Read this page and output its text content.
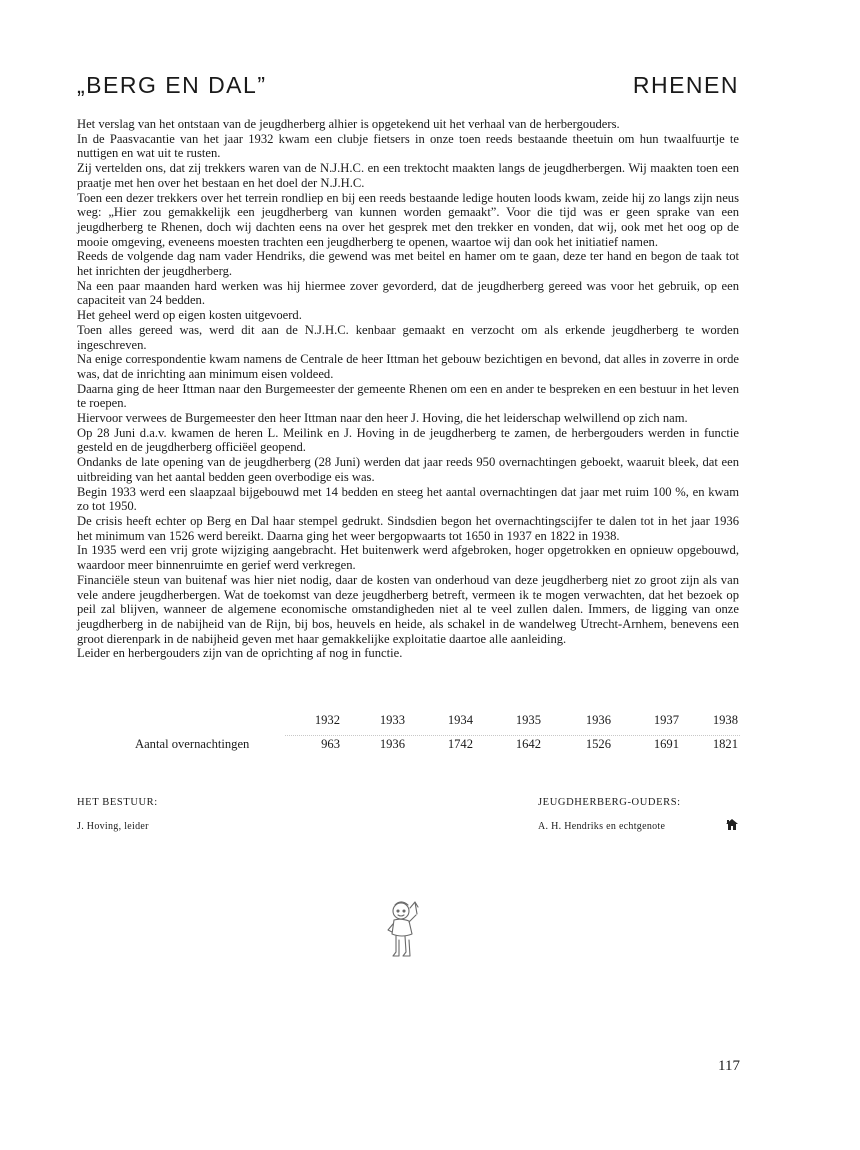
„BERG EN DAL”	RHENEN

Het verslag van het ontstaan van de jeugdherberg alhier is opgetekend uit het verhaal van de herbergouders.

In de Paasvacantie van het jaar 1932 kwam een clubje fietsers in onze toen reeds bestaande theetuin om hun twaalfuurtje te nuttigen en wat uit te rusten.

Zij vertelden ons, dat zij trekkers waren van de N.J.H.C. en een trektocht maakten langs de jeugdherbergen. Wij maakten toen een praatje met hen over het bestaan en het doel der N.J.H.C.

Toen een dezer trekkers over het terrein rondliep en bij een reeds bestaande ledige houten loods kwam, zeide hij zo langs zijn neus weg: „Hier zou gemakkelijk een jeugdherberg van kunnen worden gemaakt”. Voor die tijd was er geen sprake van een jeugdherberg te Rhenen, doch wij dachten eens na over het gesprek met den trekker en vonden, dat wij, ook met het oog op de mooie omgeving, eveneens moesten trachten een jeugdherberg te openen, waartoe wij dan ook het initiatief namen.

Reeds de volgende dag nam vader Hendriks, die gewend was met beitel en hamer om te gaan, deze ter hand en begon de taak tot het inrichten der jeugdherberg.

Na een paar maanden hard werken was hij hiermee zover gevorderd, dat de jeugdherberg gereed was voor het gebruik, op een capaciteit van 24 bedden.

Het geheel werd op eigen kosten uitgevoerd.

Toen alles gereed was, werd dit aan de N.J.H.C. kenbaar gemaakt en verzocht om als erkende jeugdherberg te worden ingeschreven.

Na enige correspondentie kwam namens de Centrale de heer Ittman het gebouw bezichtigen en bevond, dat alles in zoverre in orde was, dat de inrichting aan minimum eisen voldeed.

Daarna ging de heer Ittman naar den Burgemeester der gemeente Rhenen om een en ander te bespreken en een bestuur in het leven te roepen.

Hiervoor verwees de Burgemeester den heer Ittman naar den heer J. Hoving, die het leiderschap welwillend op zich nam.

Op 28 Juni d.a.v. kwamen de heren L. Meilink en J. Hoving in de jeugdherberg te zamen, de herbergouders werden in functie gesteld en de jeugdherberg officiëel geopend.

Ondanks de late opening van de jeugdherberg (28 Juni) werden dat jaar reeds 950 overnachtingen geboekt, waaruit bleek, dat een uitbreiding van het aantal bedden geen overbodige eis was.

Begin 1933 werd een slaapzaal bijgebouwd met 14 bedden en steeg het aantal overnachtingen dat jaar met ruim 100 %, en kwam zo tot 1950.

De crisis heeft echter op Berg en Dal haar stempel gedrukt. Sindsdien begon het overnachtingscijfer te dalen tot in het jaar 1936 het minimum van 1526 werd bereikt. Daarna ging het weer bergopwaarts tot 1650 in 1937 en 1822 in 1938.

In 1935 werd een vrij grote wijziging aangebracht. Het buitenwerk werd afgebroken, hoger opgetrokken en opnieuw opgebouwd, waardoor meer binnenruimte en gerief werd verkregen.

Financiële steun van buitenaf was hier niet nodig, daar de kosten van onderhoud van deze jeugdherberg niet zo groot zijn als van vele andere jeugdherbergen. Wat de toekomst van deze jeugdherberg betreft, vermeen ik te mogen verwachten, dat het bezoek op peil zal blijven, wanneer de algemene economische omstandigheden niet al te veel zullen dalen. Immers, de ligging van onze jeugdherberg in de nabijheid van de Rijn, bij bos, heuvels en heide, als schakel in de wandelweg Utrecht-Arnhem, benevens een groot dierenpark in de nabijheid geven met haar gemakkelijke exploitatie daartoe alle aanleiding.

Leider en herbergouders zijn van de oprichting af nog in functie.

1932	1933	1934	1935	1936	1937	1938
Aantal overnachtingen	963	1936	1742	1642	1526	1691	1821
HET BESTUUR:
J. Hoving, leider
JEUGDHERBERG-OUDERS:
A. H. Hendriks en echtgenote
117
